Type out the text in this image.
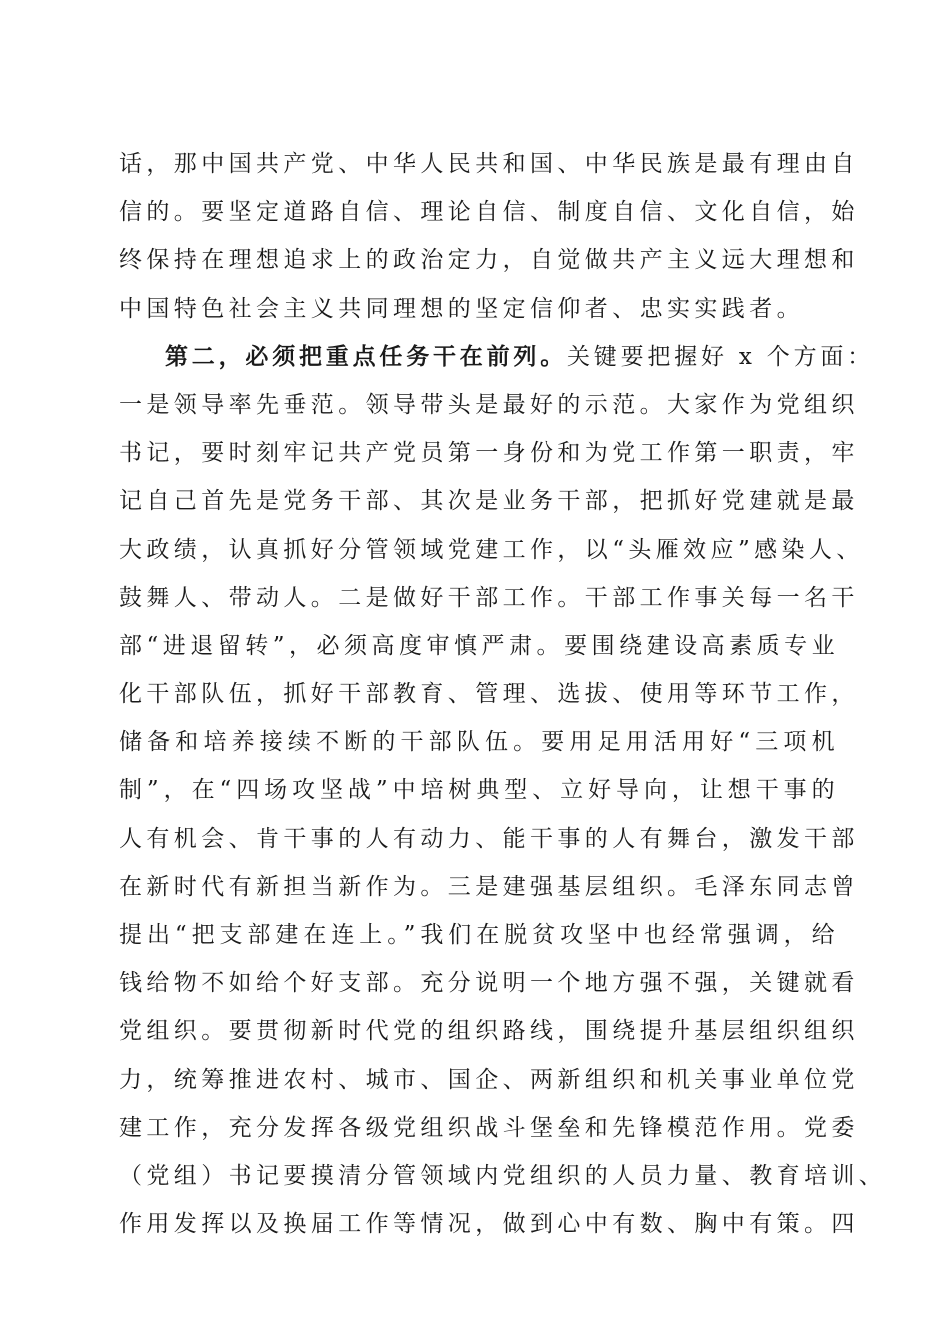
话，那中国共产党、中华人民共和国、中华民族是最有理由自
信的。要坚定道路自信、理论自信、制度自信、文化自信，始
终保持在理想追求上的政治定力，自觉做共产主义远大理想和
中国特色社会主义共同理想的坚定信仰者、忠实实践者。
第二，必须把重点任务干在前列。关键要把握好 x 个方面：
一是领导率先垂范。领导带头是最好的示范。大家作为党组织
书记，要时刻牢记共产党员第一身份和为党工作第一职责，牢
记自己首先是党务干部、其次是业务干部，把抓好党建就是最
大政绩，认真抓好分管领域党建工作，以“头雁效应”感染人、
鼓舞人、带动人。二是做好干部工作。干部工作事关每一名干
部“进退留转”，必须高度审慎严肃。要围绕建设高素质专业
化干部队伍，抓好干部教育、管理、选拔、使用等环节工作，
储备和培养接续不断的干部队伍。要用足用活用好“三项机
制”，在“四场攻坚战”中培树典型、立好导向，让想干事的
人有机会、肯干事的人有动力、能干事的人有舞台，激发干部
在新时代有新担当新作为。三是建强基层组织。毛泽东同志曾
提出“把支部建在连上。”我们在脱贫攻坚中也经常强调，给
钱给物不如给个好支部。充分说明一个地方强不强，关键就看
党组织。要贯彻新时代党的组织路线，围绕提升基层组织组织
力，统筹推进农村、城市、国企、两新组织和机关事业单位党
建工作，充分发挥各级党组织战斗堡垒和先锋模范作用。党委
（党组）书记要摸清分管领域内党组织的人员力量、教育培训、
作用发挥以及换届工作等情况，做到心中有数、胸中有策。四
